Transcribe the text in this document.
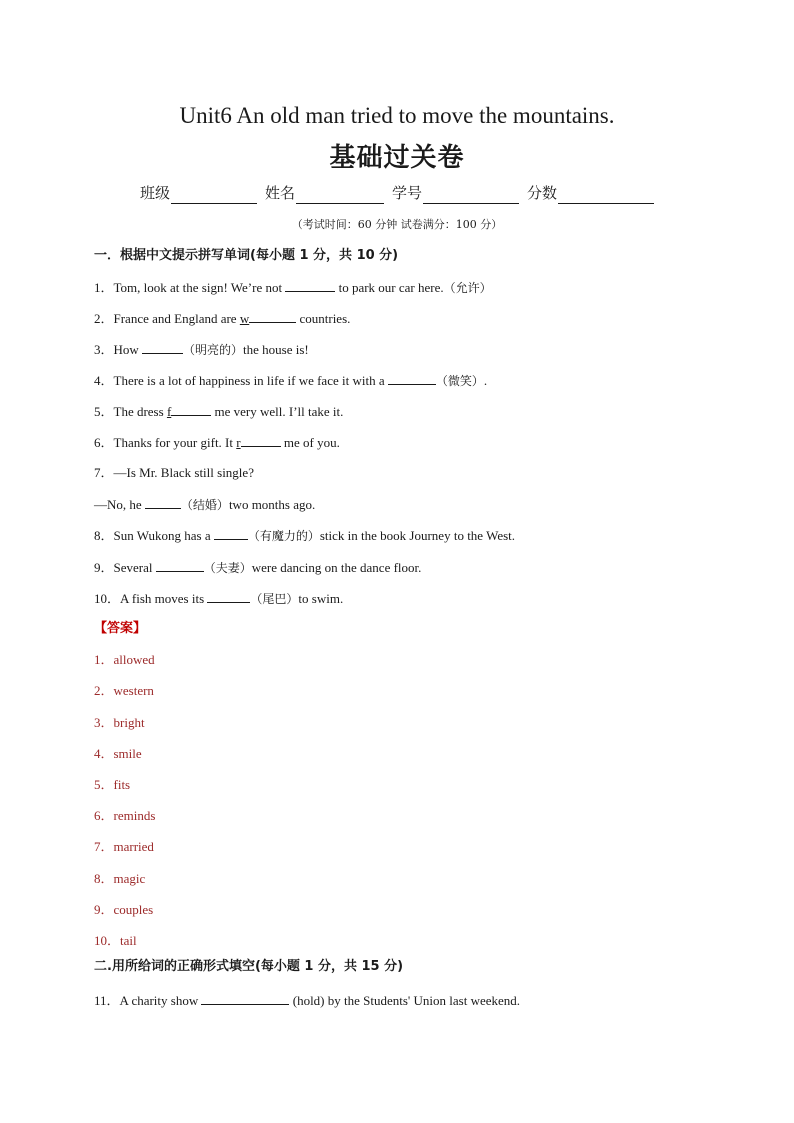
Unit6 An old man tried to move the mountains.
基础过关卷
班级	姓名	学号	分数
（考试时间：60 分钟 试卷满分：100 分）
一．根据中文提示拼写单词(每小题 1 分，共 10 分)
1．Tom, look at the sign! We’re not	to park our car here.（允许）
2．France and England are w	countries.
3．How	（明亮的）the house is!
4．There is a lot of happiness in life if we face it with a	（微笑）.
5．The dress f	me very well. I’ll take it.
6．Thanks for your gift. It r	me of you.
7．—Is Mr. Black still single?
—No, he	（结婚）two months ago.
8．Sun Wukong has a	（有魔力的）stick in the book Journey to the West.
9．Several	（夫妻）were dancing on the dance floor.
10．A fish moves its	（尾巴）to swim.
【答案】
1．allowed
2．western
3．bright
4．smile
5．fits
6．reminds
7．married
8．magic
9．couples
10．tail
二.用所给词的正确形式填空(每小题 1 分，共 15 分)
11．A charity show	(hold) by the Students' Union last weekend.
